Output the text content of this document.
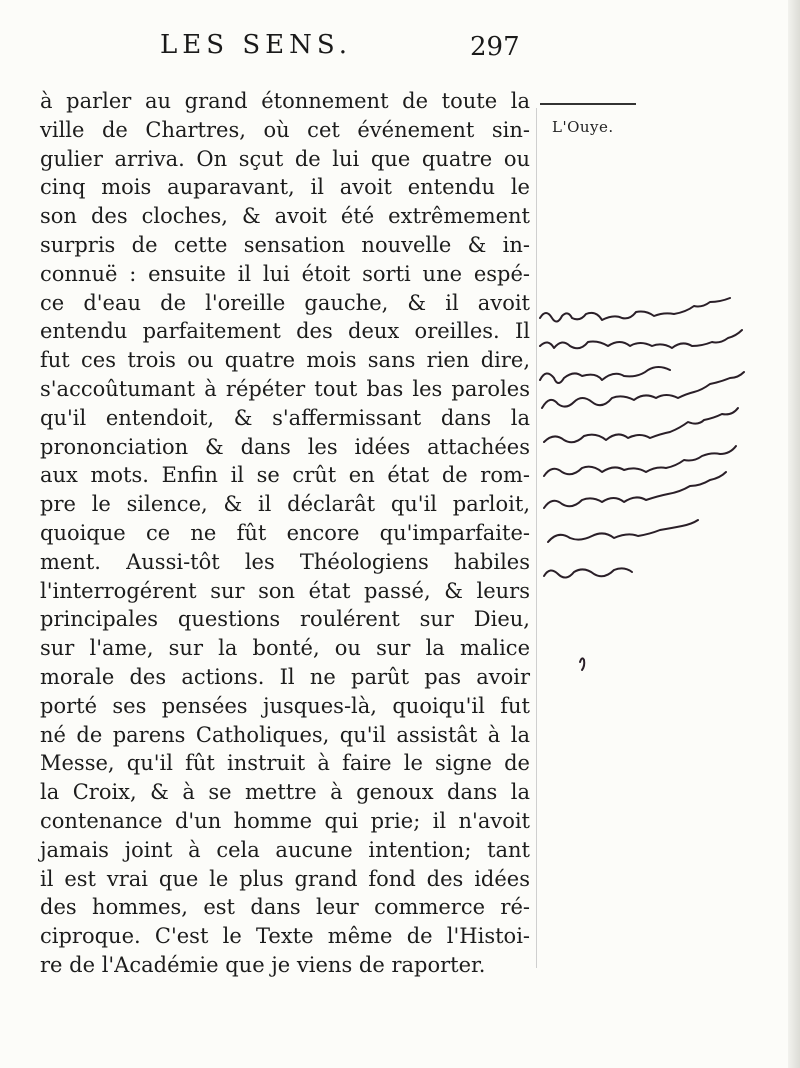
LES SENS.	297
L'Ouye.
à parler au grand étonnement de toute la
ville de Chartres, où cet événement sin-
gulier arriva. On sçut de lui que quatre ou
cinq mois auparavant, il avoit entendu le
son des cloches, & avoit été extrêmement
surpris de cette sensation nouvelle & in-
connuë : ensuite il lui étoit sorti une espé-
ce d'eau de l'oreille gauche, & il avoit
entendu parfaitement des deux oreilles. Il
fut ces trois ou quatre mois sans rien dire,
s'accoûtumant à répéter tout bas les paroles
qu'il entendoit, & s'affermissant dans la
prononciation & dans les idées attachées
aux mots. Enfin il se crût en état de rom-
pre le silence, & il déclarât qu'il parloit,
quoique ce ne fût encore qu'imparfaite-
ment. Aussi-tôt les Théologiens habiles
l'interrogérent sur son état passé, & leurs
principales questions roulérent sur Dieu,
sur l'ame, sur la bonté, ou sur la malice
morale des actions. Il ne parût pas avoir
porté ses pensées jusques-là, quoiqu'il fut
né de parens Catholiques, qu'il assistât à la
Messe, qu'il fût instruit à faire le signe de
la Croix, & à se mettre à genoux dans la
contenance d'un homme qui prie; il n'avoit
jamais joint à cela aucune intention; tant
il est vrai que le plus grand fond des idées
des hommes, est dans leur commerce ré-
ciproque. C'est le Texte même de l'Histoi-
re de l'Académie que je viens de raporter.
